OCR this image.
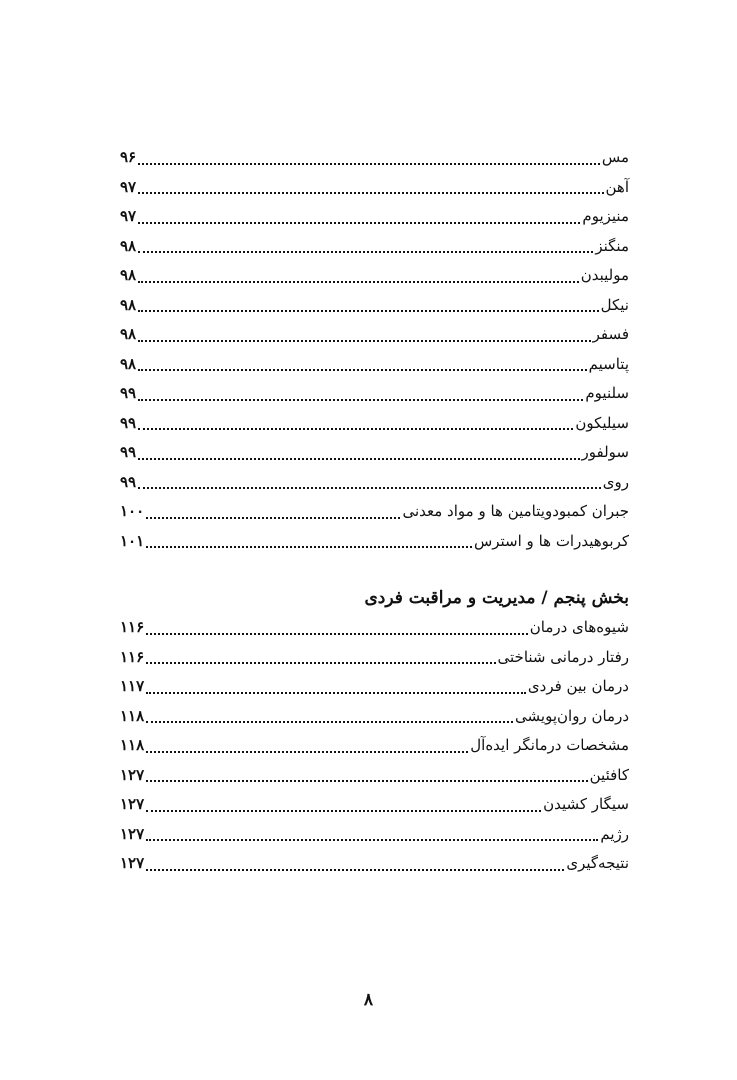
۹۶	مس
۹۷	آهن
۹۷	منیزیوم
۹۸	منگنز
۹۸	مولیبدن
۹۸	نیکل
۹۸	فسفر
۹۸	پتاسیم
۹۹	سلنیوم
۹۹	سیلیکون
۹۹	سولفور
۹۹	روی
۱۰۰	جبران کمبودویتامین ها و مواد معدنی
۱۰۱	کربوهیدرات ها و استرس
بخش پنجم / مدیریت و مراقبت فردی
۱۱۶	شیوه‌های درمان
۱۱۶	رفتار درمانی شناختی
۱۱۷	درمان بین فردی
۱۱۸	درمان روان‌پویشی
۱۱۸	مشخصات درمانگر ایده‌آل
۱۲۷	کافئین
۱۲۷	سیگار کشیدن
۱۲۷	رژیم
۱۲۷	نتیجه‌گیری
۸
